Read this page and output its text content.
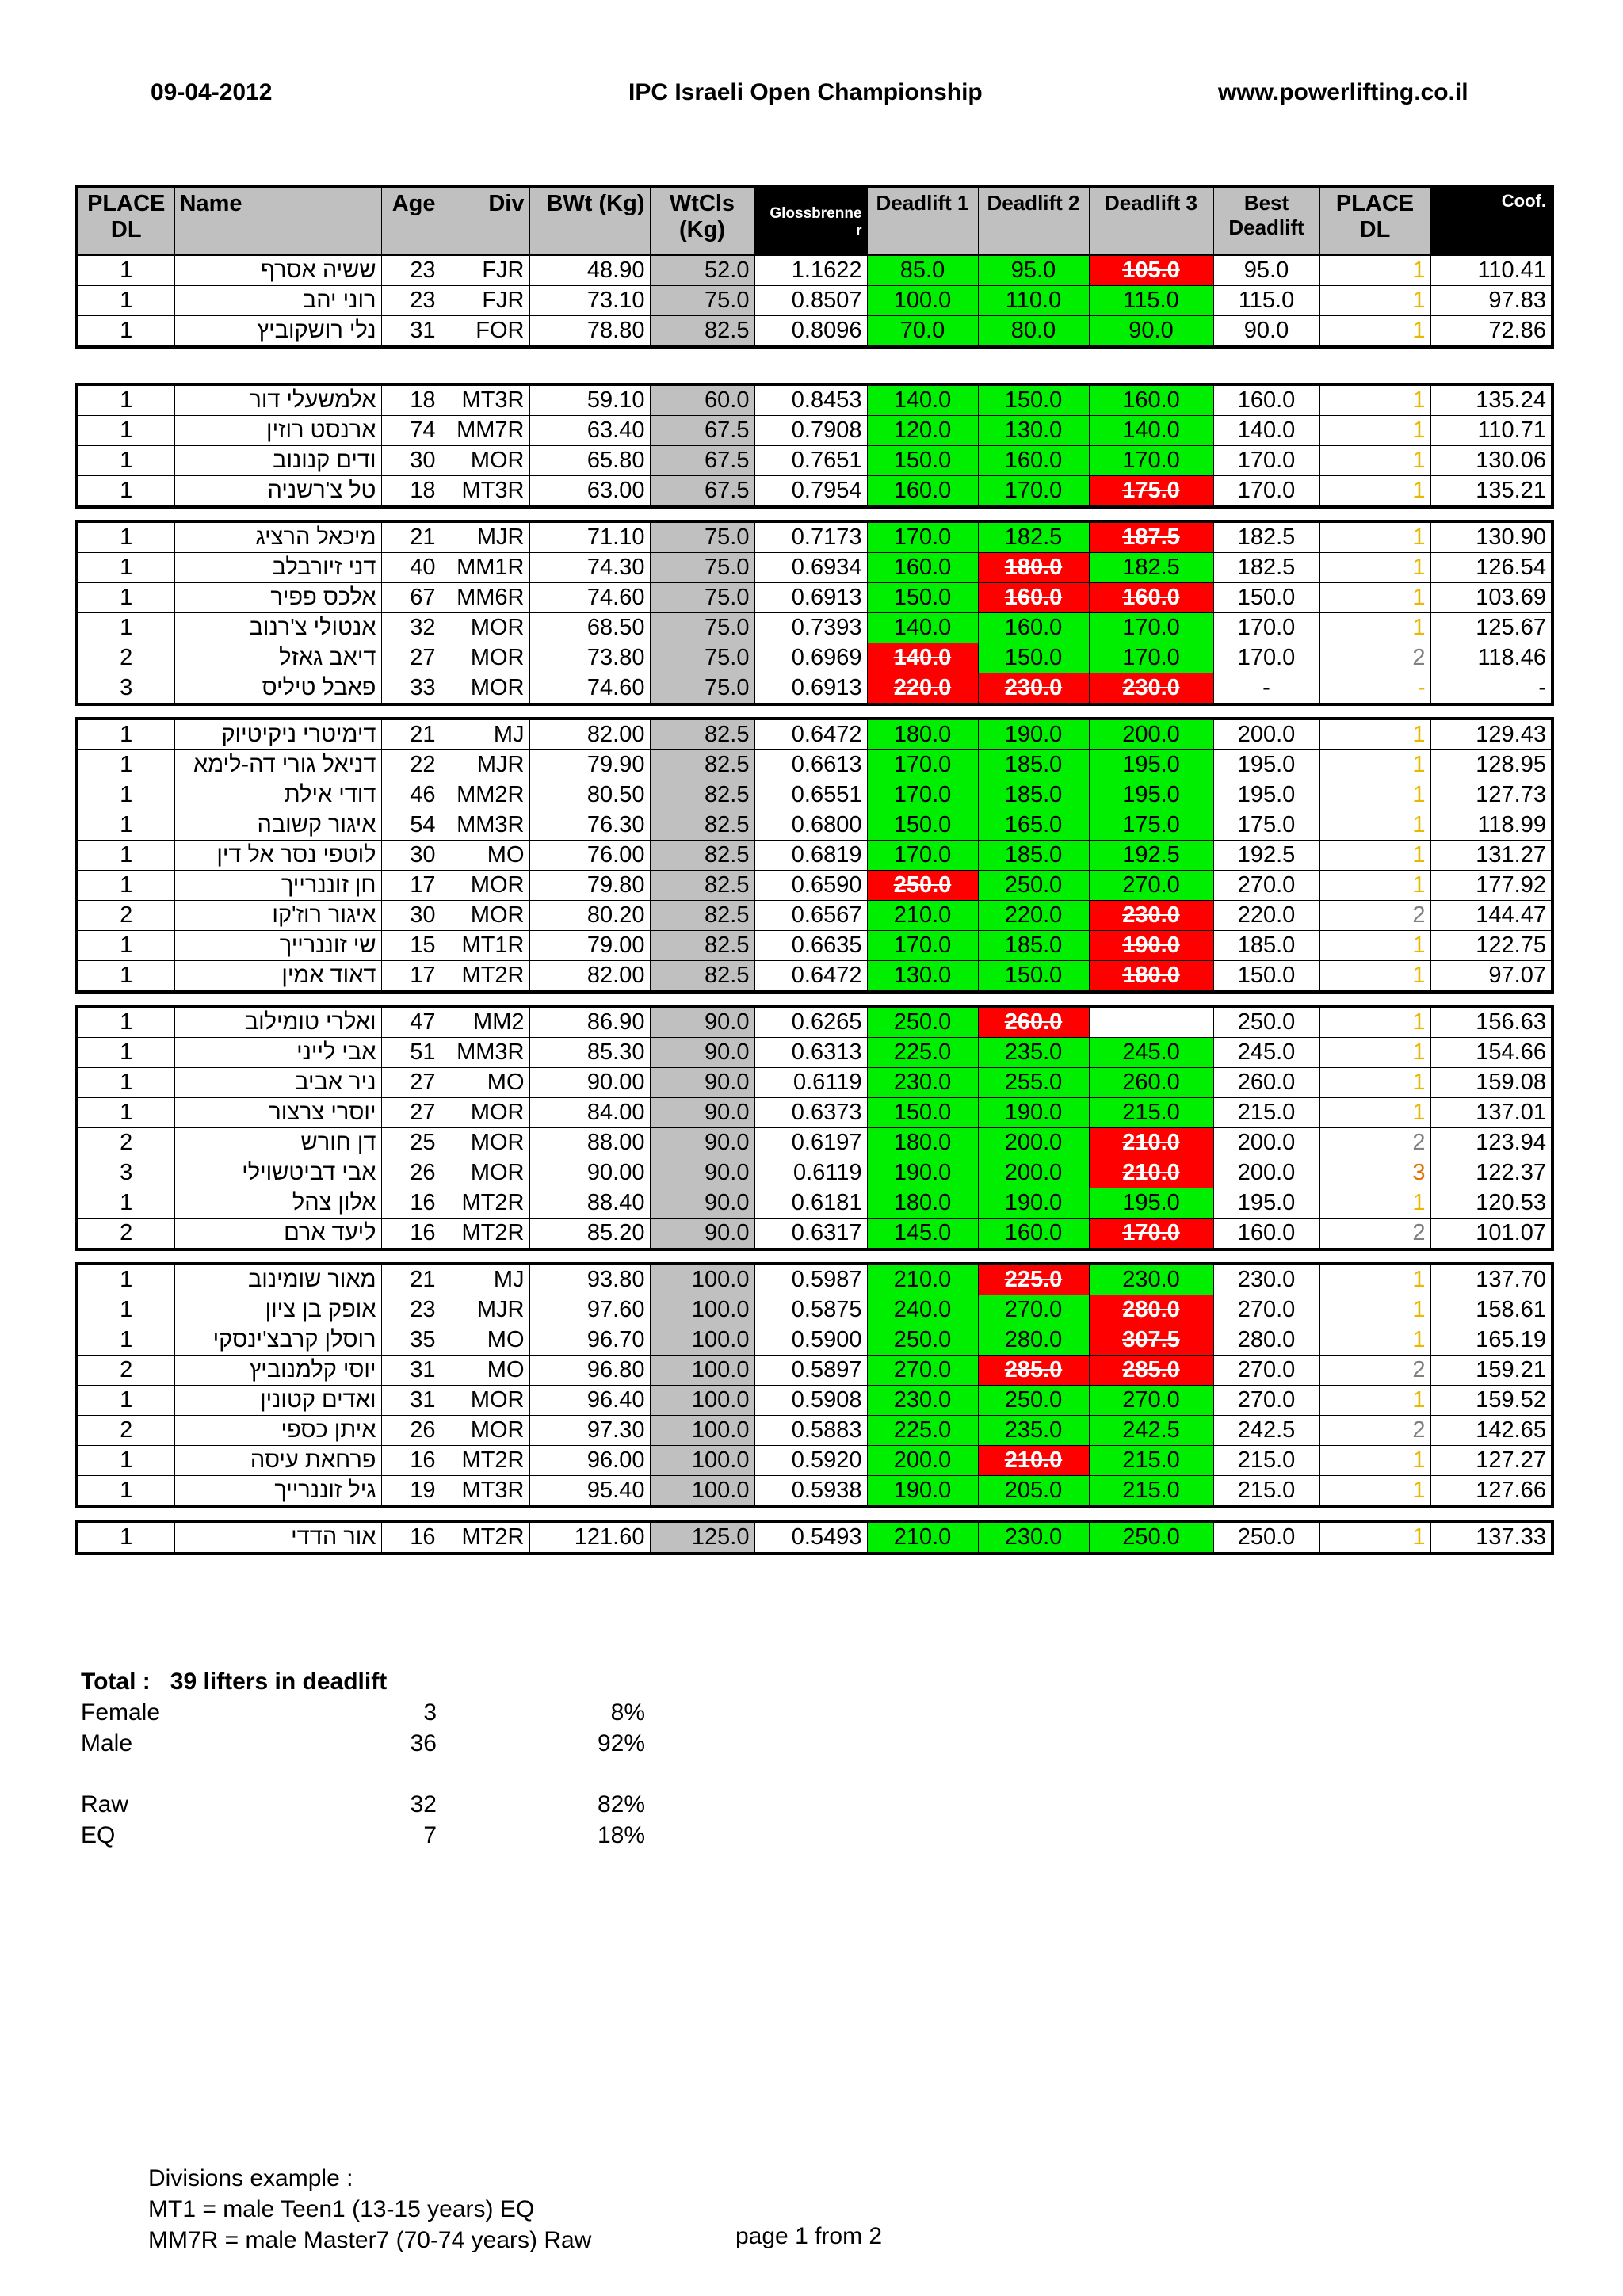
09-04-2012	IPC Israeli Open Championship	www.powerlifting.co.il
PLACE
DL	Name	Age	Div	BWt (Kg)	WtCls
(Kg)	Glossbrenne
r	Deadlift 1	Deadlift 2	Deadlift 3	Best
Deadlift	PLACE
DL	Coof.
1	ששיה אסרף	23	FJR	48.90	52.0	1.1622	85.0	95.0	105.0	95.0	1	110.41
1	רוני יהב	23	FJR	73.10	75.0	0.8507	100.0	110.0	115.0	115.0	1	97.83
1	נלי רושקוביץ	31	FOR	78.80	82.5	0.8096	70.0	80.0	90.0	90.0	1	72.86

1	אלמשעלי דור	18	MT3R	59.10	60.0	0.8453	140.0	150.0	160.0	160.0	1	135.24
1	ארנסט רוזין	74	MM7R	63.40	67.5	0.7908	120.0	130.0	140.0	140.0	1	110.71
1	ודים קנונוב	30	MOR	65.80	67.5	0.7651	150.0	160.0	170.0	170.0	1	130.06
1	טל צ'רשניה	18	MT3R	63.00	67.5	0.7954	160.0	170.0	175.0	170.0	1	135.21

1	מיכאל הרציג	21	MJR	71.10	75.0	0.7173	170.0	182.5	187.5	182.5	1	130.90
1	דני זיורבלב	40	MM1R	74.30	75.0	0.6934	160.0	180.0	182.5	182.5	1	126.54
1	אלכס פפיר	67	MM6R	74.60	75.0	0.6913	150.0	160.0	160.0	150.0	1	103.69
1	אנטולי צ'רנוב	32	MOR	68.50	75.0	0.7393	140.0	160.0	170.0	170.0	1	125.67
2	דיאב גאזל	27	MOR	73.80	75.0	0.6969	140.0	150.0	170.0	170.0	2	118.46
3	פאבל טיליס	33	MOR	74.60	75.0	0.6913	220.0	230.0	230.0	-	-	-

1	דימיטרי ניקיטיוק	21	MJ	82.00	82.5	0.6472	180.0	190.0	200.0	200.0	1	129.43
1	דניאל גורי דה-לימא	22	MJR	79.90	82.5	0.6613	170.0	185.0	195.0	195.0	1	128.95
1	דודי אילת	46	MM2R	80.50	82.5	0.6551	170.0	185.0	195.0	195.0	1	127.73
1	איגור קשובה	54	MM3R	76.30	82.5	0.6800	150.0	165.0	175.0	175.0	1	118.99
1	לוטפי נסר אל דין	30	MO	76.00	82.5	0.6819	170.0	185.0	192.5	192.5	1	131.27
1	חן זוננרייך	17	MOR	79.80	82.5	0.6590	250.0	250.0	270.0	270.0	1	177.92
2	איגור רוז'קו	30	MOR	80.20	82.5	0.6567	210.0	220.0	230.0	220.0	2	144.47
1	שי זוננרייך	15	MT1R	79.00	82.5	0.6635	170.0	185.0	190.0	185.0	1	122.75
1	דאוד אמין	17	MT2R	82.00	82.5	0.6472	130.0	150.0	180.0	150.0	1	97.07

1	ואלרי טומילוב	47	MM2	86.90	90.0	0.6265	250.0	260.0		250.0	1	156.63
1	אבי לייני	51	MM3R	85.30	90.0	0.6313	225.0	235.0	245.0	245.0	1	154.66
1	ניר אביב	27	MO	90.00	90.0	0.6119	230.0	255.0	260.0	260.0	1	159.08
1	יוסרי צרצור	27	MOR	84.00	90.0	0.6373	150.0	190.0	215.0	215.0	1	137.01
2	דן חורש	25	MOR	88.00	90.0	0.6197	180.0	200.0	210.0	200.0	2	123.94
3	אבי דביטשוילי	26	MOR	90.00	90.0	0.6119	190.0	200.0	210.0	200.0	3	122.37
1	אלון צהל	16	MT2R	88.40	90.0	0.6181	180.0	190.0	195.0	195.0	1	120.53
2	ליעד ארם	16	MT2R	85.20	90.0	0.6317	145.0	160.0	170.0	160.0	2	101.07

1	מאור שומינוב	21	MJ	93.80	100.0	0.5987	210.0	225.0	230.0	230.0	1	137.70
1	אופק בן ציון	23	MJR	97.60	100.0	0.5875	240.0	270.0	280.0	270.0	1	158.61
1	רוסלן קרבצ'ינסקי	35	MO	96.70	100.0	0.5900	250.0	280.0	307.5	280.0	1	165.19
2	יוסי קלמנוביץ	31	MO	96.80	100.0	0.5897	270.0	285.0	285.0	270.0	2	159.21
1	ואדים קטונין	31	MOR	96.40	100.0	0.5908	230.0	250.0	270.0	270.0	1	159.52
2	איתן כספי	26	MOR	97.30	100.0	0.5883	225.0	235.0	242.5	242.5	2	142.65
1	פרחאת עיסה	16	MT2R	96.00	100.0	0.5920	200.0	210.0	215.0	215.0	1	127.27
1	גיל זוננרייך	19	MT3R	95.40	100.0	0.5938	190.0	205.0	215.0	215.0	1	127.66

1	אור הדדי	16	MT2R	121.60	125.0	0.5493	210.0	230.0	250.0	250.0	1	137.33
Total : 39 lifters in deadlift
Female	3	8%
Male	36	92%
Raw	32	82%
EQ	7	18%
Divisions example :
MT1 = male Teen1 (13-15 years) EQ
MM7R = male Master7 (70-74 years) Raw	page 1 from 2
